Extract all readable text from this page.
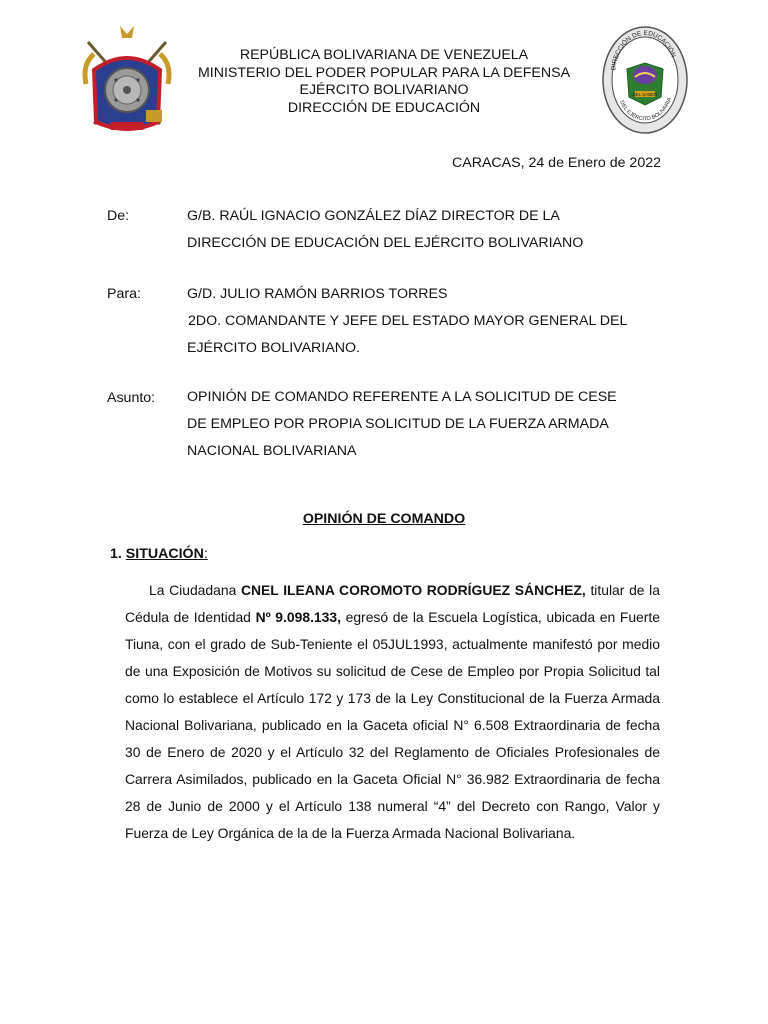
DIRECCIÓN DE EDUCACIÓN
DEL EJÉRCITO BOLIVARIA
DEL SABER
REPÚBLICA BOLIVARIANA DE VENEZUELA
MINISTERIO DEL PODER POPULAR PARA LA DEFENSA
EJÉRCITO BOLIVARIANO
DIRECCIÓN DE EDUCACIÓN
CARACAS, 24 de Enero de 2022
De:	G/B. RAÚL IGNACIO GONZÁLEZ DÍAZ DIRECTOR DE LA
DIRECCIÓN DE EDUCACIÓN DEL EJÉRCITO BOLIVARIANO
Para:	G/D. JULIO RAMÓN BARRIOS TORRES
2DO. COMANDANTE Y JEFE DEL ESTADO MAYOR GENERAL DEL
EJÉRCITO BOLIVARIANO.
Asunto: OPINIÓN DE COMANDO REFERENTE A LA SOLICITUD DE CESE
DE EMPLEO POR PROPIA SOLICITUD DE LA FUERZA ARMADA
NACIONAL BOLIVARIANA
OPINIÓN DE COMANDO
1. SITUACIÓN:
La Ciudadana CNEL ILEANA COROMOTO RODRÍGUEZ SÁNCHEZ, titular de la Cédula de Identidad Nº 9.098.133, egresó de la Escuela Logística, ubicada en Fuerte Tiuna, con el grado de Sub-Teniente el 05JUL1993, actualmente manifestó por medio de una Exposición de Motivos su solicitud de Cese de Empleo por Propia Solicitud tal como lo establece el Artículo 172 y 173 de la Ley Constitucional de la Fuerza Armada Nacional Bolivariana, publicado en la Gaceta oficial N° 6.508 Extraordinaria de fecha 30 de Enero de 2020 y el Artículo 32 del Reglamento de Oficiales Profesionales de Carrera Asimilados, publicado en la Gaceta Oficial N° 36.982 Extraordinaria de fecha 28 de Junio de 2000 y el Artículo 138 numeral “4” del Decreto con Rango, Valor y Fuerza de Ley Orgánica de la de la Fuerza Armada Nacional Bolivariana.
